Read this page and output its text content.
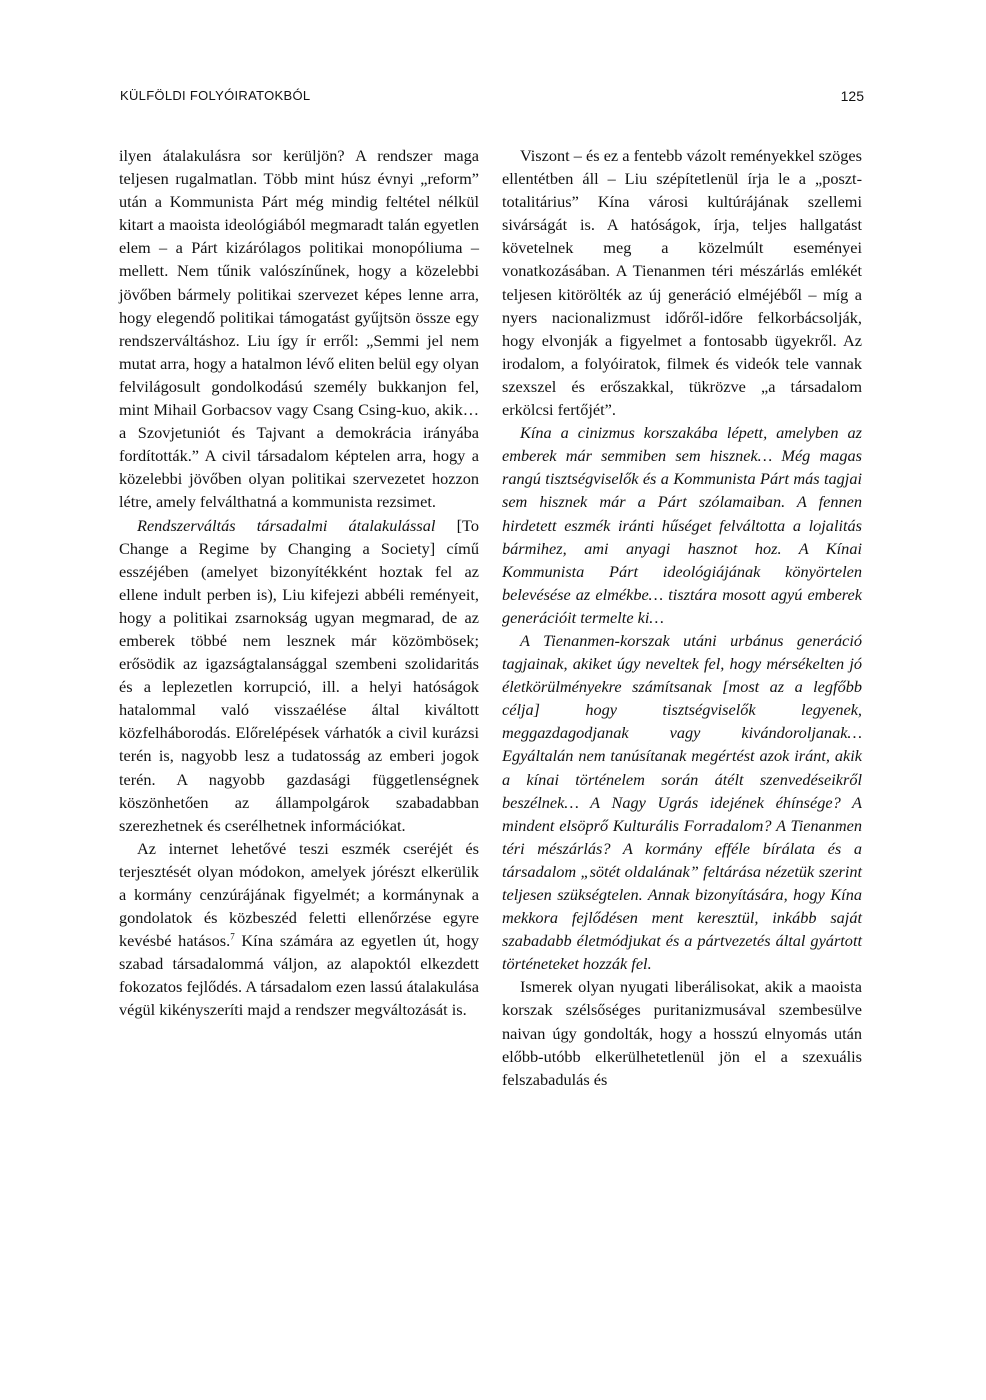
KÜLFÖLDI FOLYÓIRATOKBÓL	125

ilyen átalakulásra sor kerüljön? A rendszer maga teljesen rugalmatlan. Több mint húsz évnyi „reform” után a Kommunista Párt még mindig feltétel nélkül kitart a maoista ideológiából megmaradt talán egyetlen elem – a Párt kizárólagos politikai monopóliuma – mellett. Nem tűnik valószínűnek, hogy a közelebbi jövőben bármely politikai szervezet képes lenne arra, hogy elegendő politikai támogatást gyűjtsön össze egy rendszerváltáshoz. Liu így ír erről: „Semmi jel nem mutat arra, hogy a hatalmon lévő eliten belül egy olyan felvilágosult gondolkodású személy bukkanjon fel, mint Mihail Gorbacsov vagy Csang Csing-kuo, akik… a Szovjetuniót és Tajvant a demokrácia irányába fordították.” A civil társadalom képtelen arra, hogy a közelebbi jövőben olyan politikai szervezetet hozzon létre, amely felválthatná a kommunista rezsimet.

Rendszerváltás társadalmi átalakulással [To Change a Regime by Changing a Society] című esszéjében (amelyet bizonyítékként hoztak fel az ellene indult perben is), Liu kifejezi abbéli reményeit, hogy a politikai zsarnokság ugyan megmarad, de az emberek többé nem lesznek már közömbösek; erősödik az igazságtalansággal szembeni szolidaritás és a leplezetlen korrupció, ill. a helyi hatóságok hatalommal való visszaélése által kiváltott közfelháborodás. Előrelépések várhatók a civil kurázsi terén is, nagyobb lesz a tudatosság az emberi jogok terén. A nagyobb gazdasági függetlenségnek köszönhetően az állampolgárok szabadabban szerezhetnek és cserélhetnek információkat.

Az internet lehetővé teszi eszmék cseréjét és terjesztését olyan módokon, amelyek jórészt elkerülik a kormány cenzúrájának figyelmét; a kormánynak a gondolatok és közbeszéd feletti ellenőrzése egyre kevésbé hatásos.$^7$ Kína számára az egyetlen út, hogy szabad társadalommá váljon, az alapoktól elkezdett fokozatos fejlődés. A társadalom ezen lassú átalakulása végül kikényszeríti majd a rendszer megváltozását is.

Viszont – és ez a fentebb vázolt reményekkel szöges ellentétben áll – Liu szépítetlenül írja le a „poszt-totalitárius” Kína városi kultúrájának szellemi sivárságát is. A hatóságok, írja, teljes hallgatást követelnek meg a közelmúlt eseményei vonatkozásában. A Tienanmen téri mészárlás emlékét teljesen kitörölték az új generáció elméjéből – míg a nyers nacionalizmust időről-időre felkorbácsolják, hogy elvonják a figyelmet a fontosabb ügyekről. Az irodalom, a folyóiratok, filmek és videók tele vannak szexszel és erőszakkal, tükrözve „a társadalom erkölcsi fertőjét”.

Kína a cinizmus korszakába lépett, amelyben az emberek már semmiben sem hisznek… Még magas rangú tisztségviselők és a Kommunista Párt más tagjai sem hisznek már a Párt szólamaiban. A fennen hirdetett eszmék iránti hűséget felváltotta a lojalitás bármihez, ami anyagi hasznot hoz. A Kínai Kommunista Párt ideológiájának könyörtelen belevésése az elmékbe… tisztára mosott agyú emberek generációit termelte ki…

A Tienanmen-korszak utáni urbánus generáció tagjainak, akiket úgy neveltek fel, hogy mérsékelten jó életkörülményekre számítsanak [most az a legfőbb célja] hogy tisztségviselők legyenek, meggazdagodjanak vagy kivándoroljanak… Egyáltalán nem tanúsítanak megértést azok iránt, akik a kínai történelem során átélt szenvedéseikről beszélnek… A Nagy Ugrás idejének éhínsége? A mindent elsöprő Kulturális Forradalom? A Tienanmen téri mészárlás? A kormány efféle bírálata és a társadalom „sötét oldalának” feltárása nézetük szerint teljesen szükségtelen. Annak bizonyítására, hogy Kína mekkora fejlődésen ment keresztül, inkább saját szabadabb életmódjukat és a pártvezetés által gyártott történeteket hozzák fel.

Ismerek olyan nyugati liberálisokat, akik a maoista korszak szélsőséges puritanizmusával szembesülve naivan úgy gondolták, hogy a hosszú elnyomás után előbb-utóbb elkerülhetetlenül jön el a szexuális felszabadulás és
